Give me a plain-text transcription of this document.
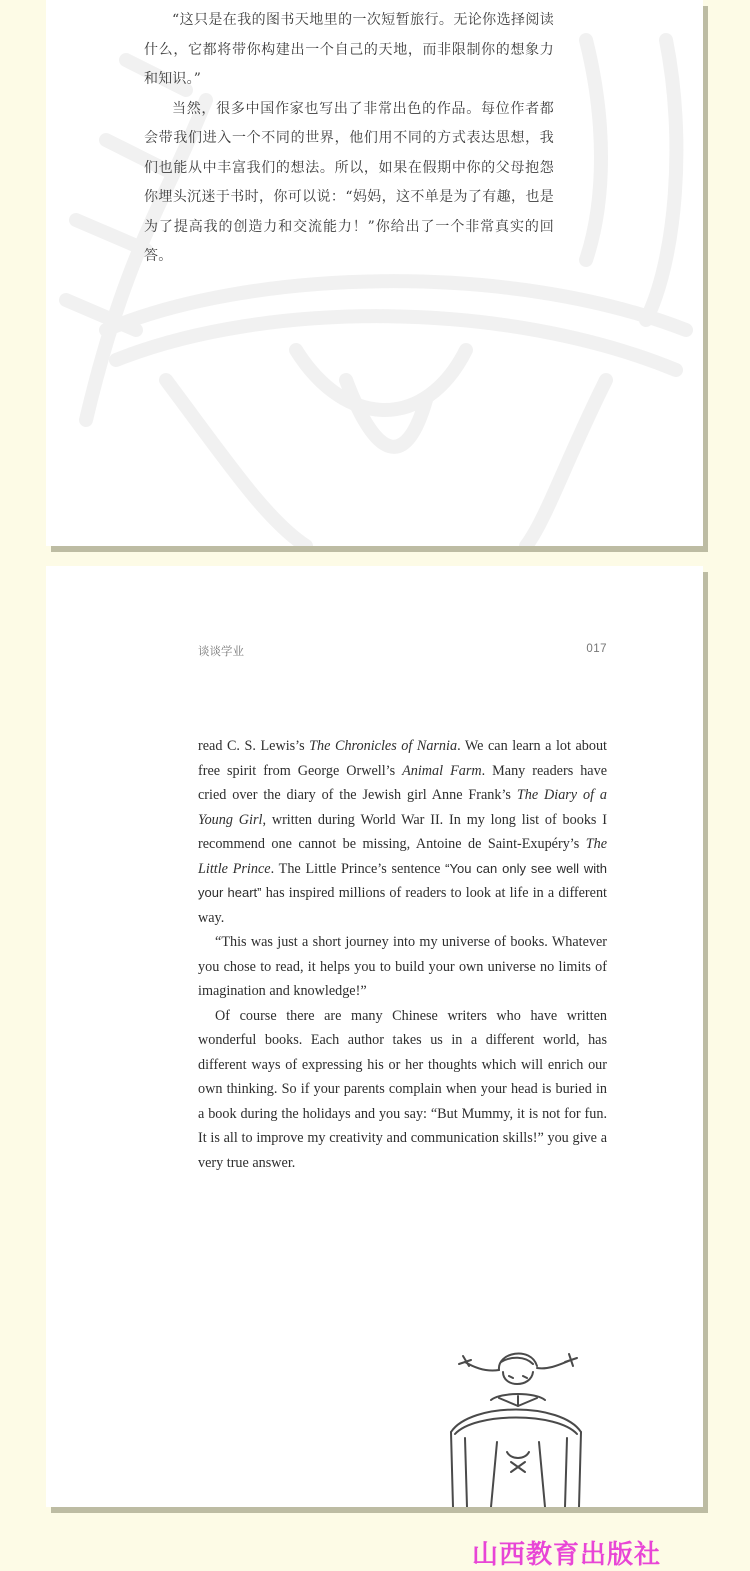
“这只是在我的图书天地里的一次短暂旅行。无论你选择阅读什么，它都将带你构建出一个自己的天地，而非限制你的想象力和知识。”

当然，很多中国作家也写出了非常出色的作品。每位作者都会带我们进入一个不同的世界，他们用不同的方式表达思想，我们也能从中丰富我们的想法。所以，如果在假期中你的父母抱怨你埋头沉迷于书时，你可以说：“妈妈，这不单是为了有趣，也是为了提高我的创造力和交流能力！”你给出了一个非常真实的回答。

谈谈学业	017

read C. S. Lewis’s The Chronicles of Narnia. We can learn a lot about free spirit from George Orwell’s Animal Farm. Many readers have cried over the diary of the Jewish girl Anne Frank’s The Diary of a Young Girl, written during World War II. In my long list of books I recommend one cannot be missing, Antoine de Saint-Exupéry’s The Little Prince. The Little Prince’s sentence “You can only see well with your heart” has inspired millions of readers to look at life in a different way.

“This was just a short journey into my universe of books. Whatever you chose to read, it helps you to build your own universe no limits of imagination and knowledge!”

Of course there are many Chinese writers who have written wonderful books. Each author takes us in a different world, has different ways of expressing his or her thoughts which will enrich our own thinking. So if your parents complain when your head is buried in a book during the holidays and you say: “But Mummy, it is not for fun. It is all to improve my creativity and communication skills!” you give a very true answer.

山西教育出版社
